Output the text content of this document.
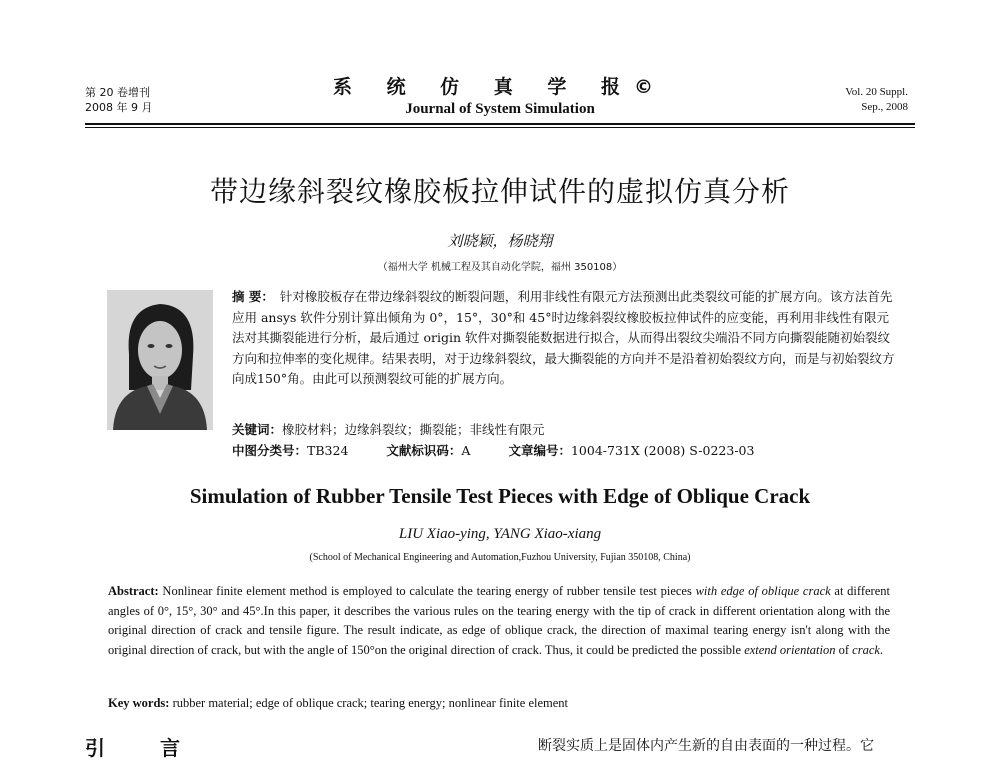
第 20 卷增刊
2008 年 9 月
系 统 仿 真 学 报©
Journal of System Simulation
Vol. 20 Suppl.
Sep., 2008
带边缘斜裂纹橡胶板拉伸试件的虚拟仿真分析
刘晓颖，杨晓翔
（福州大学 机械工程及其自动化学院，福州 350108）
摘 要： 针对橡胶板存在带边缘斜裂纹的断裂问题，利用非线性有限元方法预测出此类裂纹可能的扩展方向。该方法首先应用 ansys 软件分别计算出倾角为 0°，15°，30°和 45°时边缘斜裂纹橡胶板拉伸试件的应变能，再利用非线性有限元法对其撕裂能进行分析，最后通过 origin 软件对撕裂能数据进行拟合，从而得出裂纹尖端沿不同方向撕裂能随初始裂纹方向和拉伸率的变化规律。结果表明，对于边缘斜裂纹，最大撕裂能的方向并不是沿着初始裂纹方向，而是与初始裂纹方向成150°角。由此可以预测裂纹可能的扩展方向。
关键词：橡胶材料；边缘斜裂纹；撕裂能；非线性有限元
中图分类号：TB324	文献标识码：A	文章编号：1004-731X (2008) S-0223-03
Simulation of Rubber Tensile Test Pieces with Edge of Oblique Crack
LIU Xiao-ying, YANG Xiao-xiang
(School of Mechanical Engineering and Automation,Fuzhou University, Fujian 350108, China)
Abstract: Nonlinear finite element method is employed to calculate the tearing energy of rubber tensile test pieces with edge of oblique crack at different angles of 0°, 15°, 30° and 45°.In this paper, it describes the various rules on the tearing energy with the tip of crack in different orientation along with the original direction of crack and tensile figure. The result indicate, as edge of oblique crack, the direction of maximal tearing energy isn't along with the original direction of crack, but with the angle of 150°on the original direction of crack. Thus, it could be predicted the possible extend orientation of crack.
Key words: rubber material; edge of oblique crack; tearing energy; nonlinear finite element
引 言	断裂实质上是固体内产生新的自由表面的一种过程。它
